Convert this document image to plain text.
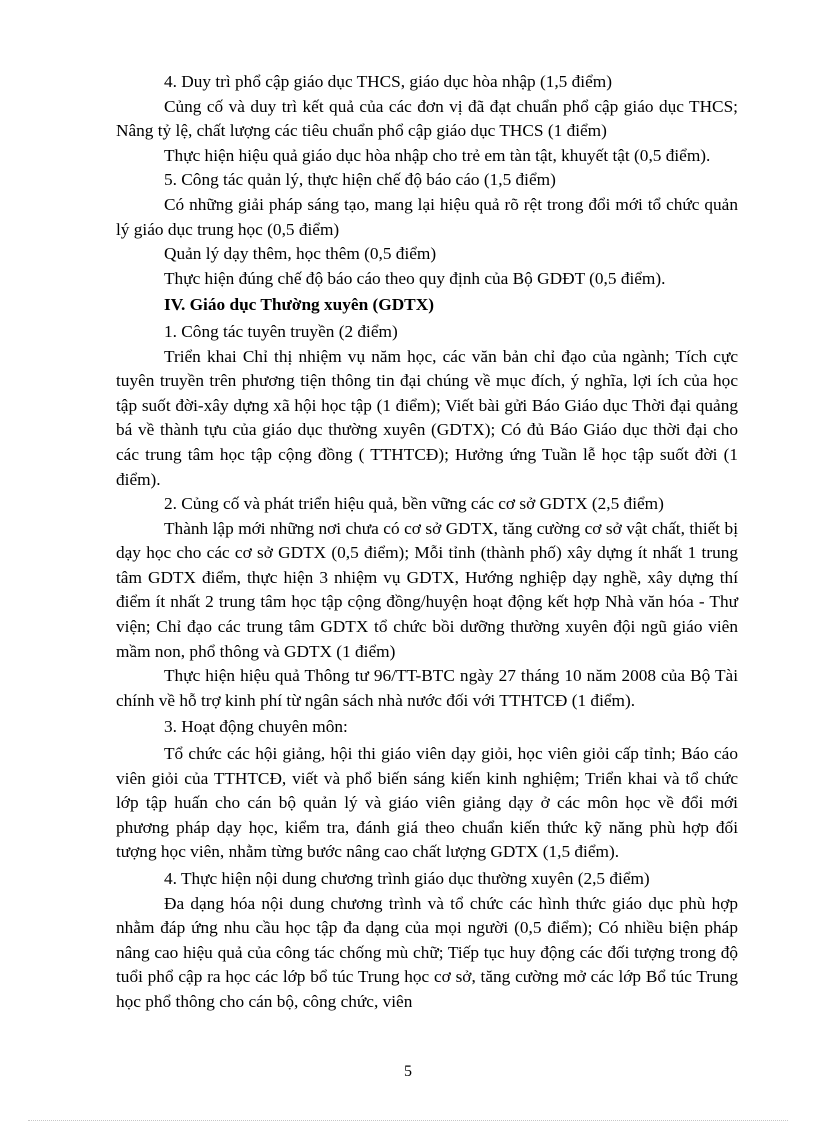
4. Duy trì phổ cập giáo dục THCS, giáo dục hòa nhập (1,5 điểm)

Củng cố và duy trì kết quả của các đơn vị đã đạt chuẩn phổ cập giáo dục THCS; Nâng tỷ lệ, chất lượng các tiêu chuẩn phổ cập giáo dục THCS (1 điểm)

Thực hiện hiệu quả giáo dục hòa nhập cho trẻ em tàn tật, khuyết tật (0,5 điểm).

5. Công tác quản lý, thực hiện chế độ báo cáo (1,5 điểm)

Có những giải pháp sáng tạo, mang lại hiệu quả rõ rệt trong đổi mới tổ chức quản lý giáo dục trung học (0,5 điểm)

Quản lý dạy thêm, học thêm (0,5 điểm)

Thực hiện đúng chế độ báo cáo theo quy định của Bộ GDĐT (0,5 điểm).

IV. Giáo dục Thường xuyên (GDTX)

1. Công tác tuyên truyền (2 điểm)

Triển khai Chỉ thị nhiệm vụ năm học, các văn bản chỉ đạo của ngành; Tích cực tuyên truyền trên phương tiện thông tin đại chúng về mục đích, ý nghĩa, lợi ích của học tập suốt đời-xây dựng xã hội học tập (1 điểm); Viết bài gửi Báo Giáo dục Thời đại quảng bá về thành tựu của giáo dục thường xuyên (GDTX); Có đủ Báo Giáo dục thời đại cho các trung tâm học tập cộng đồng ( TTHTCĐ); Hưởng ứng Tuần lễ học tập suốt đời (1 điểm).

2. Củng cố và phát triển hiệu quả, bền vững các cơ sở GDTX (2,5 điểm)

Thành lập mới những nơi chưa có cơ sở GDTX, tăng cường cơ sở vật chất, thiết bị dạy học cho các cơ sở GDTX (0,5 điểm); Mỗi tỉnh (thành phố) xây dựng ít nhất 1 trung tâm GDTX điểm, thực hiện 3 nhiệm vụ GDTX, Hướng nghiệp dạy nghề, xây dựng thí điểm ít nhất 2 trung tâm học tập cộng đồng/huyện hoạt động kết hợp Nhà văn hóa - Thư viện; Chỉ đạo các trung tâm GDTX tổ chức bồi dưỡng thường xuyên đội ngũ giáo viên mầm non, phổ thông và GDTX (1 điểm)

Thực hiện hiệu quả Thông tư 96/TT-BTC ngày 27 tháng 10 năm 2008 của Bộ Tài chính về hỗ trợ kinh phí từ ngân sách nhà nước đối với TTHTCĐ (1 điểm).

3. Hoạt động chuyên môn:

Tổ chức các hội giảng, hội thi giáo viên dạy giỏi, học viên giỏi cấp tỉnh; Báo cáo viên giỏi của TTHTCĐ, viết và phổ biến sáng kiến kinh nghiệm; Triển khai và tổ chức lớp tập huấn cho cán bộ quản lý và giáo viên giảng dạy ở các môn học về đổi mới phương pháp dạy học, kiểm tra, đánh giá theo chuẩn kiến thức kỹ năng phù hợp đối tượng học viên, nhằm từng bước nâng cao chất lượng GDTX (1,5 điểm).

4. Thực hiện nội dung chương trình giáo dục thường xuyên (2,5 điểm)

Đa dạng hóa nội dung chương trình và tổ chức các hình thức giáo dục phù hợp nhằm đáp ứng nhu cầu học tập đa dạng của mọi người (0,5 điểm); Có nhiều biện pháp nâng cao hiệu quả của công tác chống mù chữ; Tiếp tục huy động các đối tượng trong độ tuổi phổ cập ra học các lớp bổ túc Trung học cơ sở, tăng cường mở các lớp Bổ túc Trung học phổ thông cho cán bộ, công chức, viên

5
